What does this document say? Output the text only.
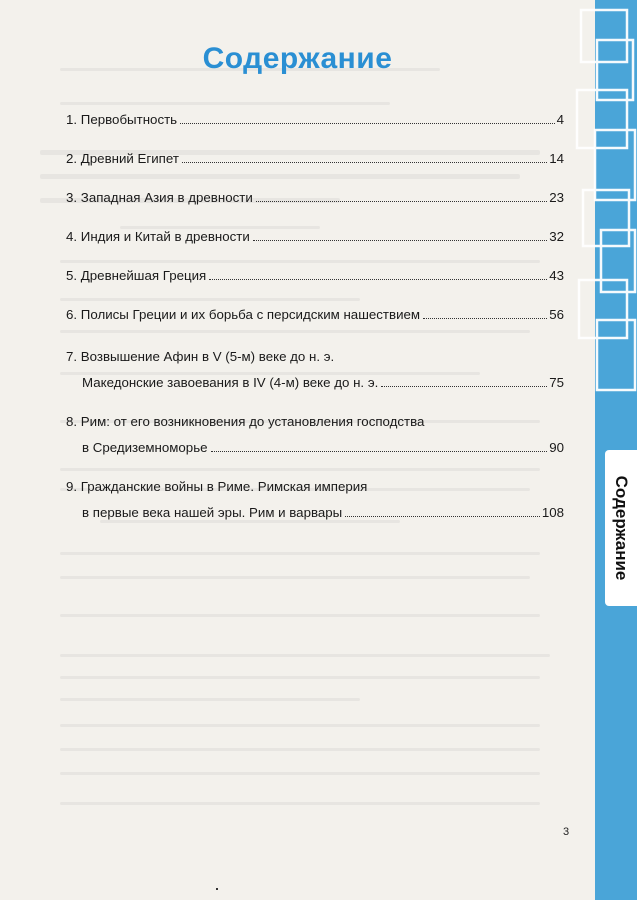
Содержание
Содержание
1. Первобытность	4
2. Древний Египет	14
3. Западная Азия в древности	23
4. Индия и Китай в древности	32
5. Древнейшая Греция	43
6. Полисы Греции и их борьба с персидским нашествием	56
7. Возвышение Афин в V (5-м) веке до н. э.
Македонские завоевания в IV (4-м) веке до н. э.	75
8. Рим: от его возникновения до установления господства
в Средиземноморье	90
9. Гражданские войны в Риме. Римская империя
в первые века нашей эры. Рим и варвары	108
3
